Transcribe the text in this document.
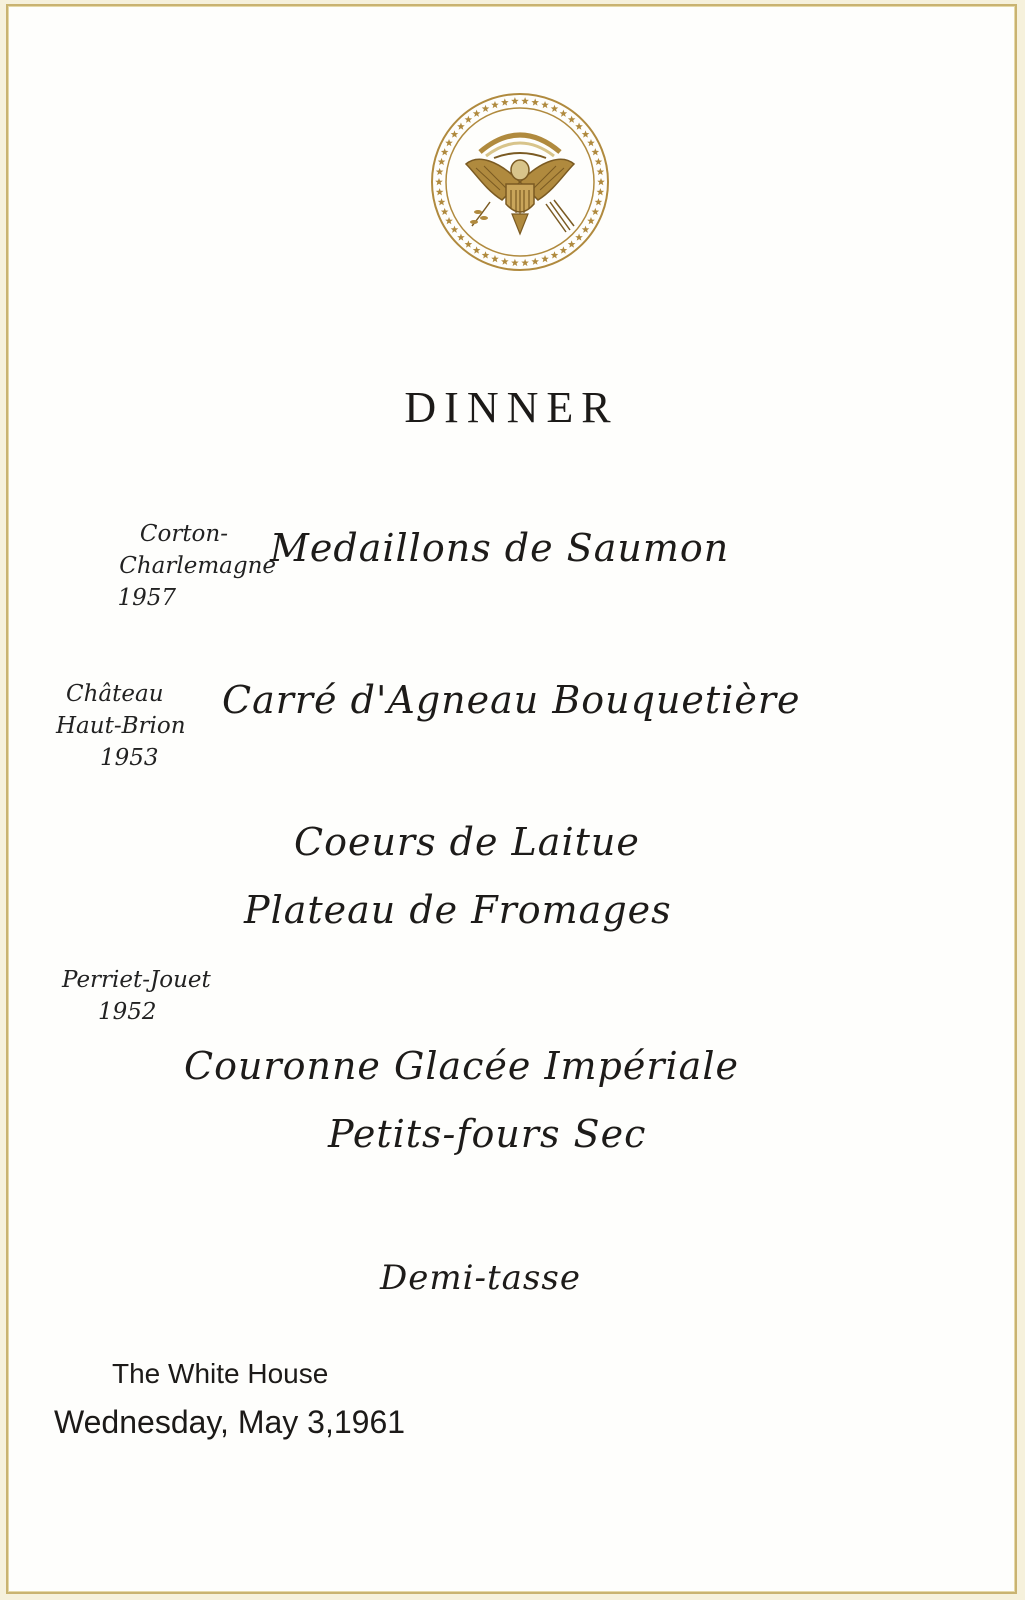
DINNER
Corton-
Charlemagne
1957
Medaillons de Saumon
Château
Haut-Brion
1953
Carré d'Agneau Bouquetière
Coeurs de Laitue
Plateau de Fromages
Perriet-Jouet
1952
Couronne Glacée Impériale
Petits-fours Sec
Demi-tasse
The White House
Wednesday, May 3,1961
